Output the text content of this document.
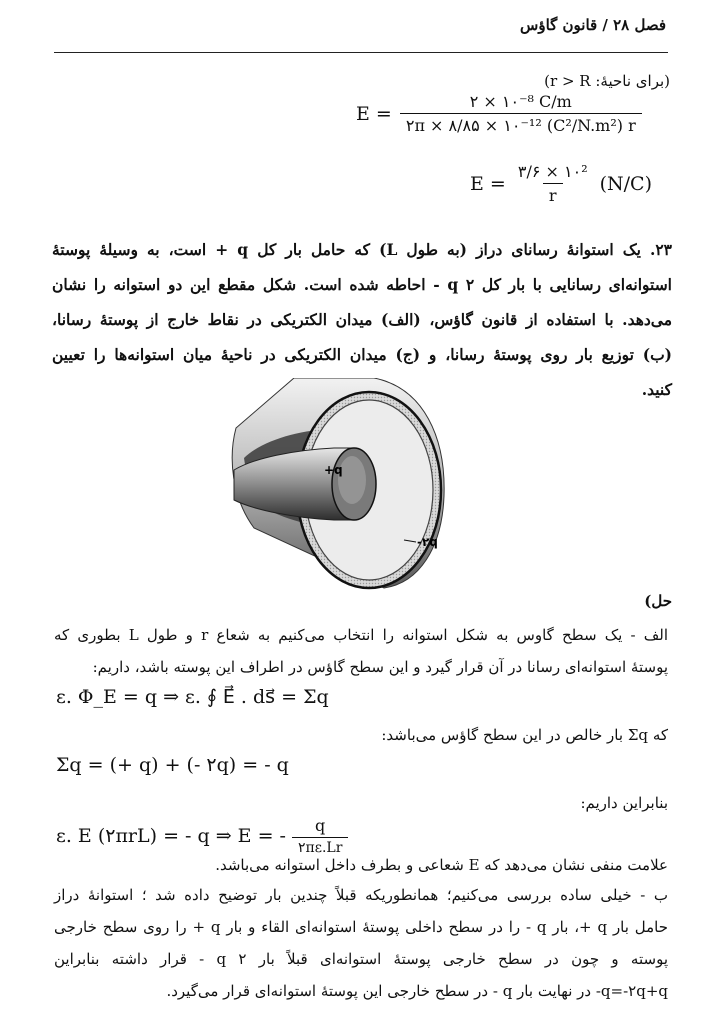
فصل ۲۸ / قانون گاؤس
(برای ناحیهٔ: r > R)
$E = \frac{\text{۲ × ۱۰⁻⁸ C/m}}{\text{۲π × ۸/۸۵ × ۱۰⁻¹² (C²/N.m²) r}}$
$E = \frac{\text{۳/۶ × ۱۰²}}{r} (N/C)$
۲۳. یک استوانهٔ رسانای دراز (به طول L) که حامل بار کل q + است، به وسیلهٔ پوستهٔ
استوانه‌ای رسانایی با بار کل q ۲ - احاطه شده است. شکل مقطع این دو استوانه را نشان
می‌دهد. با استفاده از قانون گاؤس، (الف) میدان الکتریکی در نقاط خارج از پوستهٔ رسانا،
(ب) توزیع بار روی پوستهٔ رسانا، و (ج) میدان الکتریکی در ناحیهٔ میان استوانه‌ها را تعیین
کنید.
+q
-۲q
حل)
الف - یک سطح گاوس به شکل استوانه را انتخاب می‌کنیم به شعاع r و طول L بطوری که
پوستهٔ استوانه‌ای رسانا در آن قرار گیرد و این سطح گاؤس در اطراف این پوسته باشد، داریم:
ε. Φ_E = q ⇒ ε. ∮ E⃗ . ds⃗ = Σq
که Σq بار خالص در این سطح گاؤس می‌باشد:
Σq = (+ q) + (- ۲q) = - q
بنابراین داریم:
ε. E (۲πrL) = - q ⇒ E = - $\frac{q}{۲\pi\varepsilon.Lr}$
علامت منفی نشان می‌دهد که E شعاعی و بطرف داخل استوانه می‌باشد.
ب - خیلی ساده بررسی می‌کنیم؛ همانطوریکه قبلاً چندین بار توضیح داده شد ؛ استوانهٔ دراز
حامل بار q +، بار q - را در سطح داخلی پوستهٔ استوانه‌ای القاء و بار q + را روی سطح خارجی
پوسته و چون در سطح خارجی پوستهٔ استوانه‌ای قبلاً بار q ۲ - قرار داشته بنابراین
q=-۲q+q- در نهایت بار q - در سطح خارجی این پوستهٔ استوانه‌ای قرار می‌گیرد.
